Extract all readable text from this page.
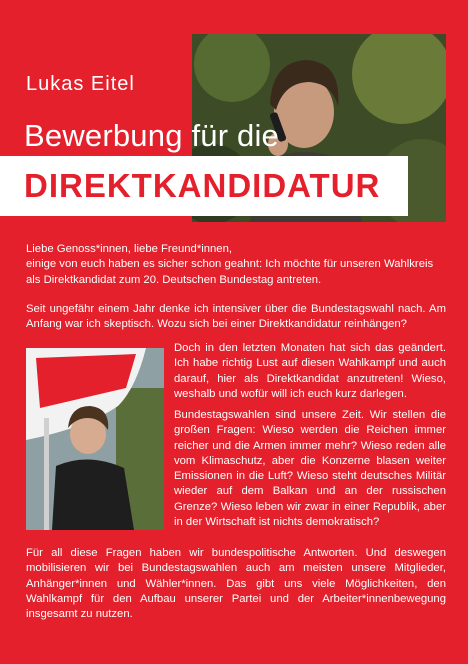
Lukas Eitel
Bewerbung für die
DIREKTKANDIDATUR
Liebe Genoss*innen, liebe Freund*innen,
einige von euch haben es sicher schon geahnt: Ich möchte für unseren Wahlkreis als Direktkandidat zum 20. Deutschen Bundestag antreten.
Seit ungefähr einem Jahr denke ich intensiver über die Bundestagswahl nach. Am Anfang war ich skeptisch. Wozu sich bei einer Direktkandidatur reinhängen?
Doch in den letzten Monaten hat sich das geändert. Ich habe richtig Lust auf diesen Wahlkampf und auch darauf, hier als Direktkandidat anzutreten! Wieso, weshalb und wofür will ich euch kurz darlegen.
Bundestagswahlen sind unsere Zeit. Wir stellen die großen Fragen: Wieso werden die Reichen immer reicher und die Armen immer mehr? Wieso reden alle vom Klimaschutz, aber die Konzerne blasen weiter Emissionen in die Luft? Wieso steht deutsches Militär wieder auf dem Balkan und an der russischen Grenze? Wieso leben wir zwar in einer Republik, aber in der Wirtschaft ist nichts demokratisch?
Für all diese Fragen haben wir bundespolitische Antworten. Und deswegen mobilisieren wir bei Bundestagswahlen auch am meisten unsere Mitglieder, Anhänger*innen und Wähler*innen. Das gibt uns viele Möglichkeiten, den Wahlkampf für den Aufbau unserer Partei und der Arbeiter*innenbewegung insgesamt zu nutzen.
